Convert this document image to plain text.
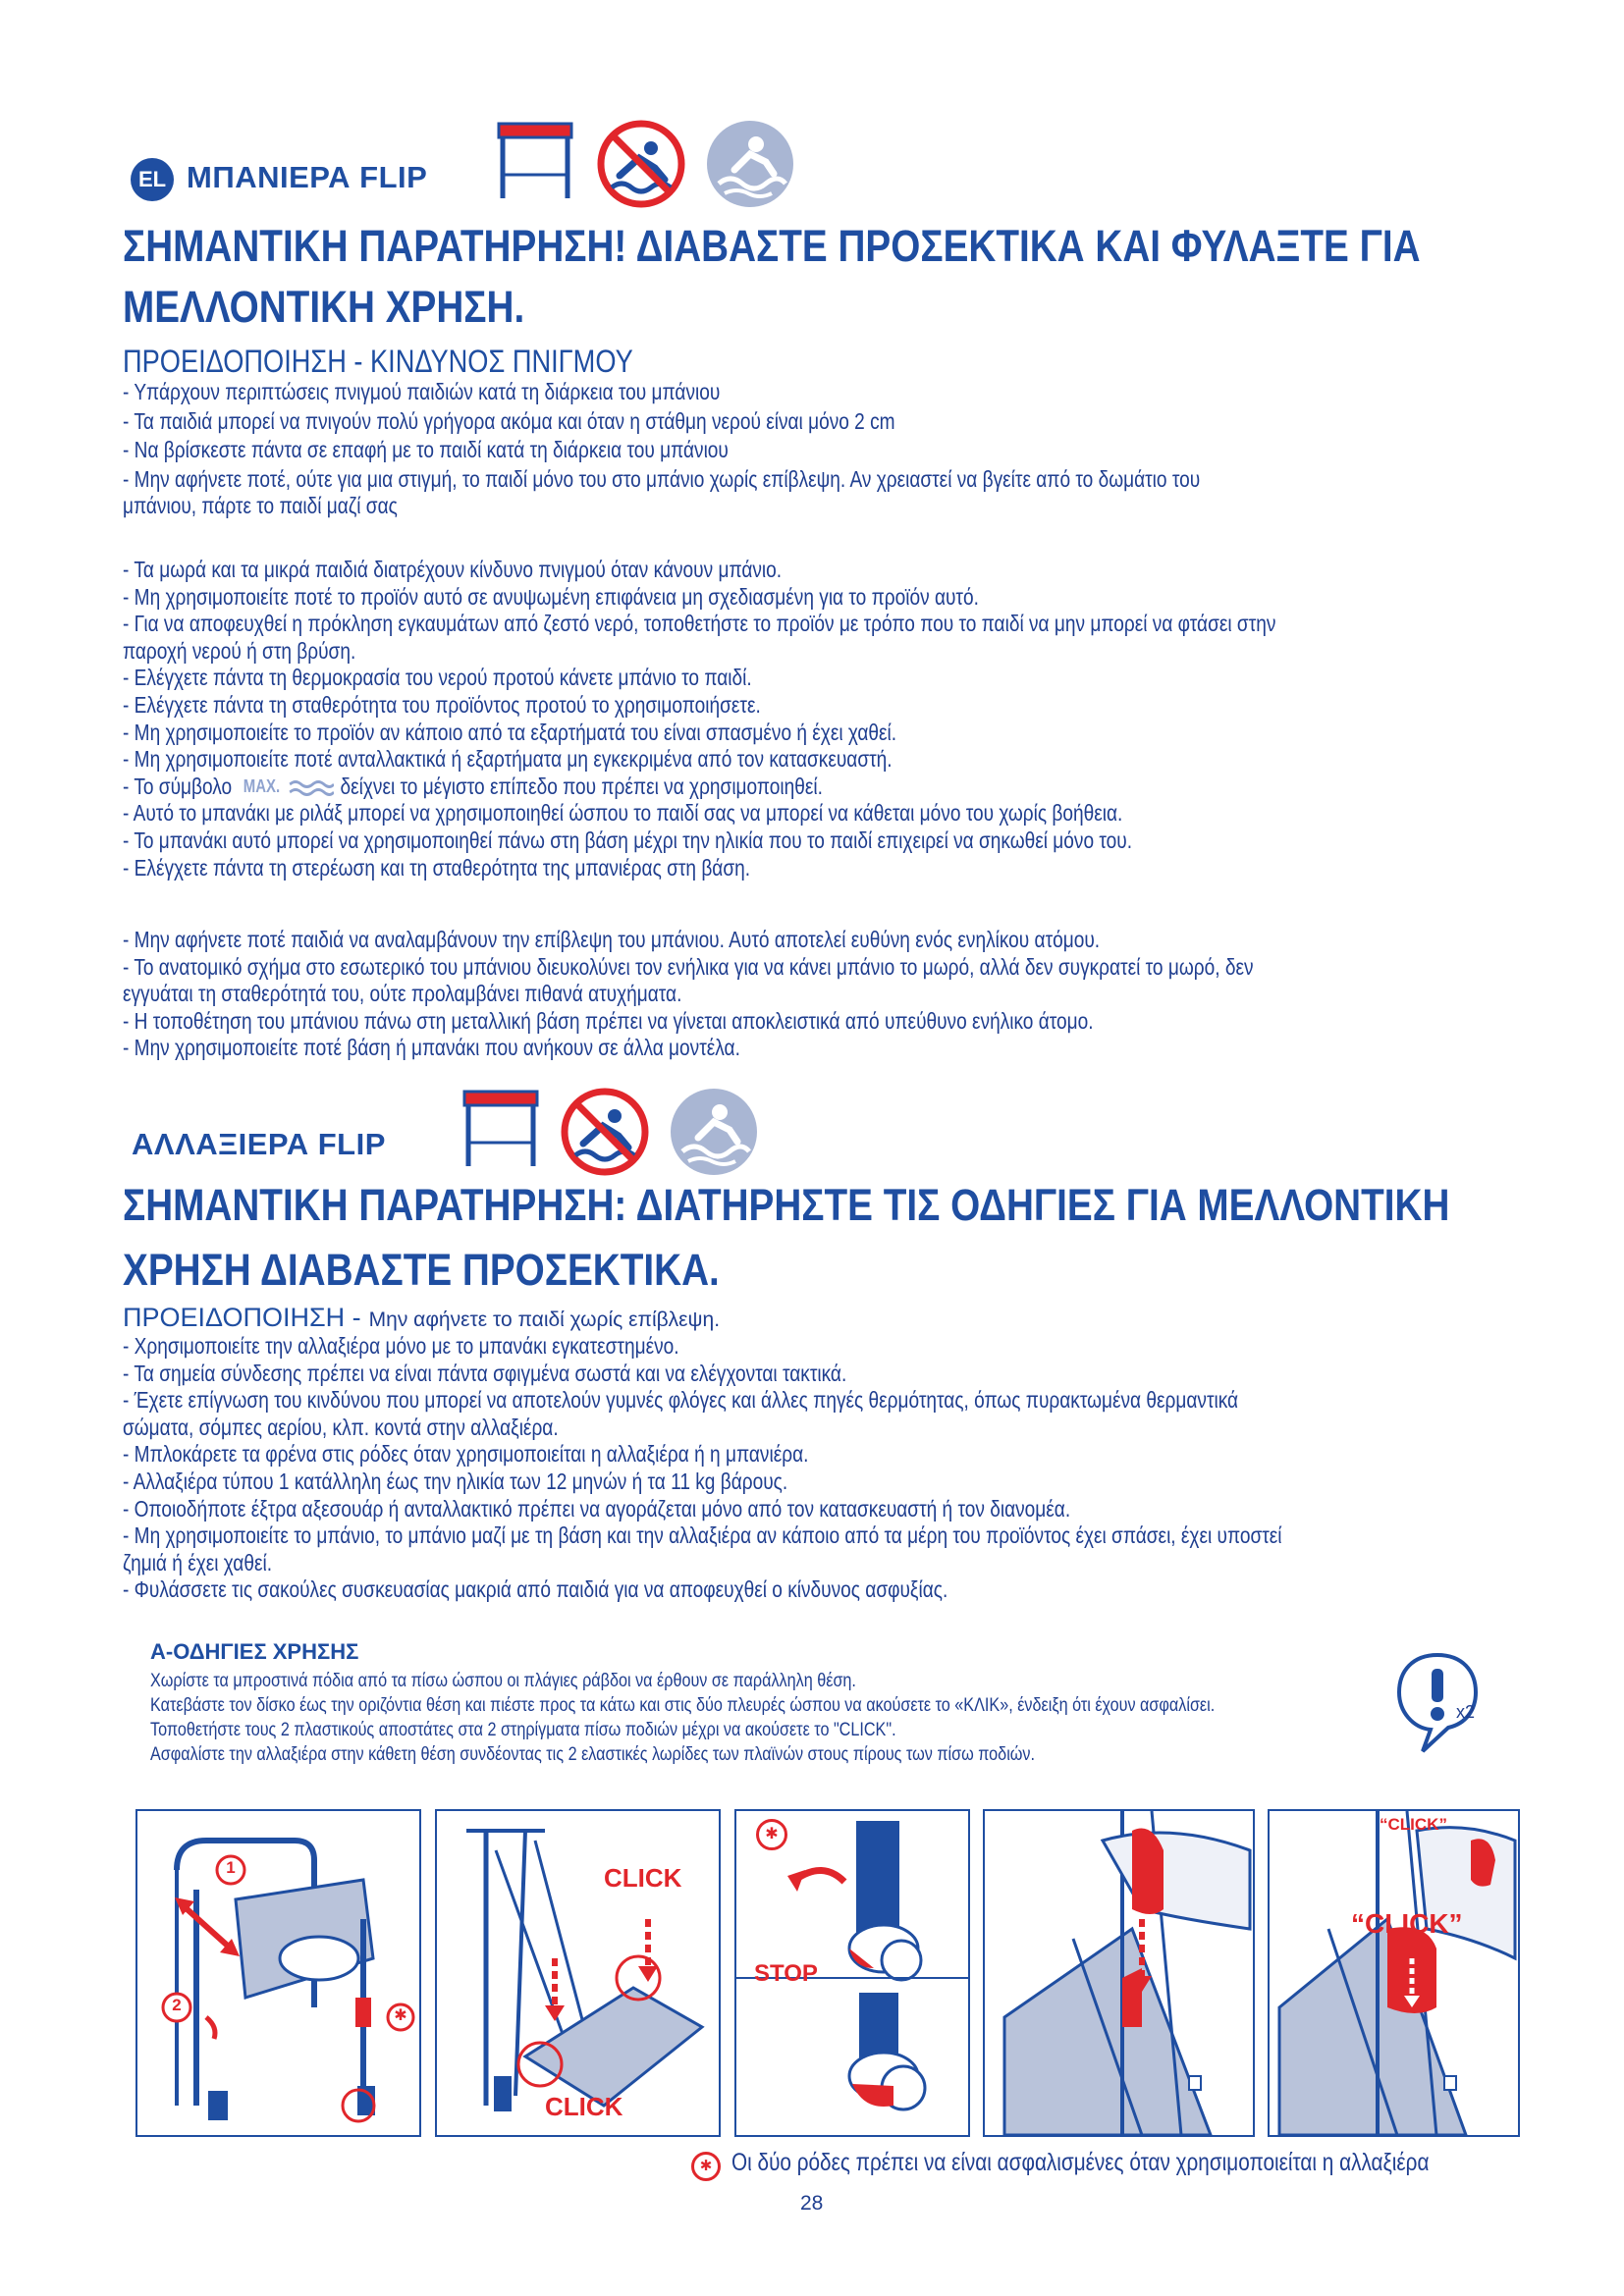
EL ΜΠΑΝΙΕΡΑ FLIP
ΣΗΜΑΝΤΙΚΗ ΠΑΡΑΤΗΡΗΣΗ! ΔΙΑΒΑΣΤΕ ΠΡΟΣΕΚΤΙΚΑ ΚΑΙ ΦΥΛΑΞΤΕ ΓΙΑ
ΜΕΛΛΟΝΤΙΚΗ ΧΡΗΣΗ.
ΠΡΟΕΙΔΟΠΟΙΗΣΗ - ΚΙΝΔΥΝΟΣ ΠΝΙΓΜΟΥ
- Υπάρχουν περιπτώσεις πνιγμού παιδιών κατά τη διάρκεια του μπάνιου
- Τα παιδιά μπορεί να πνιγούν πολύ γρήγορα ακόμα και όταν η στάθμη νερού είναι μόνο 2 cm
- Να βρίσκεστε πάντα σε επαφή με το παιδί κατά τη διάρκεια του μπάνιου
- Μην αφήνετε ποτέ, ούτε για μια στιγμή, το παιδί μόνο του στο μπάνιο χωρίς επίβλεψη. Αν χρειαστεί να βγείτε από το δωμάτιο του
μπάνιου, πάρτε το παιδί μαζί σας
- Τα μωρά και τα μικρά παιδιά διατρέχουν κίνδυνο πνιγμού όταν κάνουν μπάνιο.
- Μη χρησιμοποιείτε ποτέ το προϊόν αυτό σε ανυψωμένη επιφάνεια μη σχεδιασμένη για το προϊόν αυτό.
- Για να αποφευχθεί η πρόκληση εγκαυμάτων από ζεστό νερό, τοποθετήστε το προϊόν με τρόπο που το παιδί να μην μπορεί να φτάσει στην
παροχή νερού ή στη βρύση.
- Ελέγχετε πάντα τη θερμοκρασία του νερού προτού κάνετε μπάνιο το παιδί.
- Ελέγχετε πάντα τη σταθερότητα του προϊόντος προτού το χρησιμοποιήσετε.
- Μη χρησιμοποιείτε το προϊόν αν κάποιο από τα εξαρτήματά του είναι σπασμένο ή έχει χαθεί.
- Μη χρησιμοποιείτε ποτέ ανταλλακτικά ή εξαρτήματα μη εγκεκριμένα από τον κατασκευαστή.
- Το σύμβολο MAX.	δείχνει το μέγιστο επίπεδο που πρέπει να χρησιμοποιηθεί.
- Αυτό το μπανάκι με ριλάξ μπορεί να χρησιμοποιηθεί ώσπου το παιδί σας να μπορεί να κάθεται μόνο του χωρίς βοήθεια.
- Το μπανάκι αυτό μπορεί να χρησιμοποιηθεί πάνω στη βάση μέχρι την ηλικία που το παιδί επιχειρεί να σηκωθεί μόνο του.
- Ελέγχετε πάντα τη στερέωση και τη σταθερότητα της μπανιέρας στη βάση.
- Μην αφήνετε ποτέ παιδιά να αναλαμβάνουν την επίβλεψη του μπάνιου. Αυτό αποτελεί ευθύνη ενός ενηλίκου ατόμου.
- Το ανατομικό σχήμα στο εσωτερικό του μπάνιου διευκολύνει τον ενήλικα για να κάνει μπάνιο το μωρό, αλλά δεν συγκρατεί το μωρό, δεν
εγγυάται τη σταθερότητά του, ούτε προλαμβάνει πιθανά ατυχήματα.
- Η τοποθέτηση του μπάνιου πάνω στη μεταλλική βάση πρέπει να γίνεται αποκλειστικά από υπεύθυνο ενήλικο άτομο.
- Μην χρησιμοποιείτε ποτέ βάση ή μπανάκι που ανήκουν σε άλλα μοντέλα.
ΑΛΛΑΞΙΕΡΑ FLIP
ΣΗΜΑΝΤΙΚΗ ΠΑΡΑΤΗΡΗΣΗ: ΔΙΑΤΗΡΗΣΤΕ ΤΙΣ ΟΔΗΓΙΕΣ ΓΙΑ ΜΕΛΛΟΝΤΙΚΗ
ΧΡΗΣΗ ΔΙΑΒΑΣΤΕ ΠΡΟΣΕΚΤΙΚΑ.
ΠΡΟΕΙΔΟΠΟΙΗΣΗ - Μην αφήνετε το παιδί χωρίς επίβλεψη.
- Χρησιμοποιείτε την αλλαξιέρα μόνο με το μπανάκι εγκατεστημένο.
- Τα σημεία σύνδεσης πρέπει να είναι πάντα σφιγμένα σωστά και να ελέγχονται τακτικά.
- Έχετε επίγνωση του κινδύνου που μπορεί να αποτελούν γυμνές φλόγες και άλλες πηγές θερμότητας, όπως πυρακτωμένα θερμαντικά
σώματα, σόμπες αερίου, κλπ. κοντά στην αλλαξιέρα.
- Μπλοκάρετε τα φρένα στις ρόδες όταν χρησιμοποιείται η αλλαξιέρα ή η μπανιέρα.
- Αλλαξιέρα τύπου 1 κατάλληλη έως την ηλικία των 12 μηνών ή τα 11 kg βάρους.
- Οποιοδήποτε έξτρα αξεσουάρ ή ανταλλακτικό πρέπει να αγοράζεται μόνο από τον κατασκευαστή ή τον διανομέα.
- Μη χρησιμοποιείτε το μπάνιο, το μπάνιο μαζί με τη βάση και την αλλαξιέρα αν κάποιο από τα μέρη του προϊόντος έχει σπάσει, έχει υποστεί
ζημιά ή έχει χαθεί.
- Φυλάσσετε τις σακούλες συσκευασίας μακριά από παιδιά για να αποφευχθεί ο κίνδυνος ασφυξίας.
Α-ΟΔΗΓΙΕΣ ΧΡΗΣΗΣ
Χωρίστε τα μπροστινά πόδια από τα πίσω ώσπου οι πλάγιες ράβδοι να έρθουν σε παράλληλη θέση.
Κατεβάστε τον δίσκο έως την οριζόντια θέση και πιέστε προς τα κάτω και στις δύο πλευρές ώσπου να ακούσετε το «ΚΛΙΚ», ένδειξη ότι έχουν ασφαλίσει.
Τοποθετήστε τους 2 πλαστικούς αποστάτες στα 2 στηρίγματα πίσω ποδιών μέχρι να ακούσετε το "CLICK".
Ασφαλίστε την αλλαξιέρα στην κάθετη θέση συνδέοντας τις 2 ελαστικές λωρίδες των πλαϊνών στους πίρους των πίσω ποδιών.
x2
1
2
✱
CLICK
CLICK
✱
STOP
“CLICK”
“CLICK”
✱ Οι δύο ρόδες πρέπει να είναι ασφαλισμένες όταν χρησιμοποιείται η αλλαξιέρα
28
